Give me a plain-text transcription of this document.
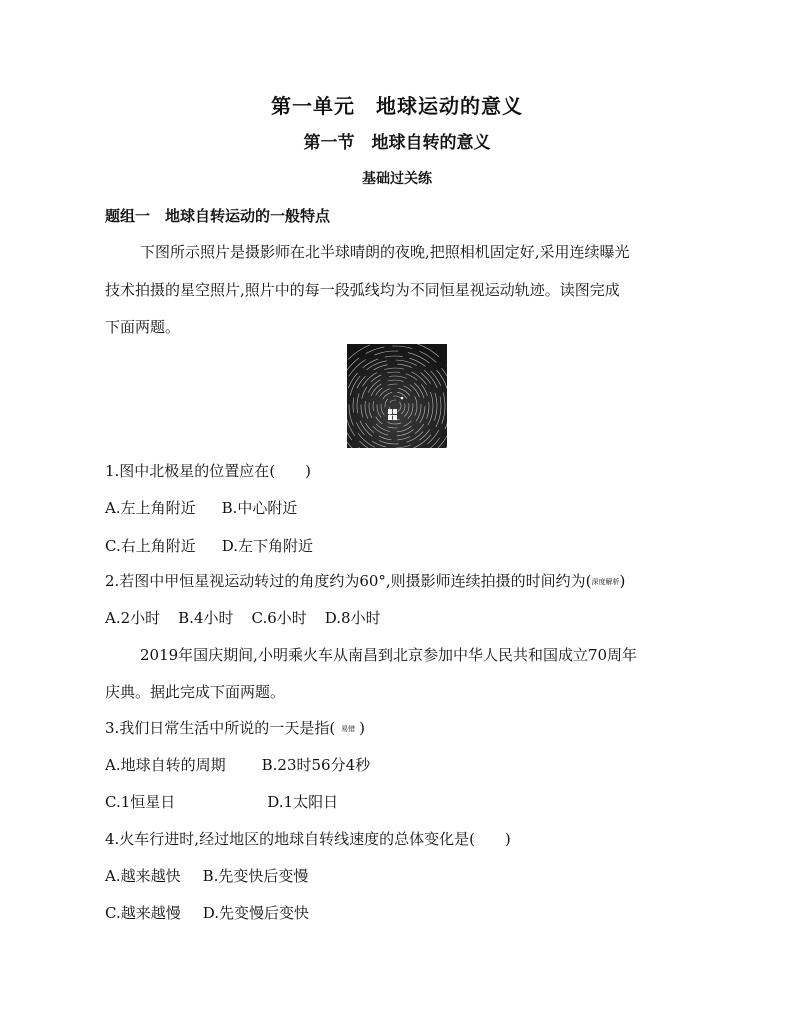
第一单元　地球运动的意义
第一节　地球自转的意义
基础过关练
题组一　地球自转运动的一般特点
下图所示照片是摄影师在北半球晴朗的夜晚,把照相机固定好,采用连续曝光
技术拍摄的星空照片,照片中的每一段弧线均为不同恒星视运动轨迹。读图完成
下面两题。
1.图中北极星的位置应在(　　)
A.左上角附近 B.中心附近
C.右上角附近 D.左下角附近
2.若图中甲恒星视运动转过的角度约为60°,则摄影师连续拍摄的时间约为(深度解析)
A.2小时 B.4小时 C.6小时 D.8小时
2019年国庆期间,小明乘火车从南昌到北京参加中华人民共和国成立70周年
庆典。据此完成下面两题。
3.我们日常生活中所说的一天是指( 易错 )
A.地球自转的周期 B.23时56分4秒
C.1恒星日	D.1太阳日
4.火车行进时,经过地区的地球自转线速度的总体变化是(　　)
A.越来越快 B.先变快后变慢
C.越来越慢 D.先变慢后变快
